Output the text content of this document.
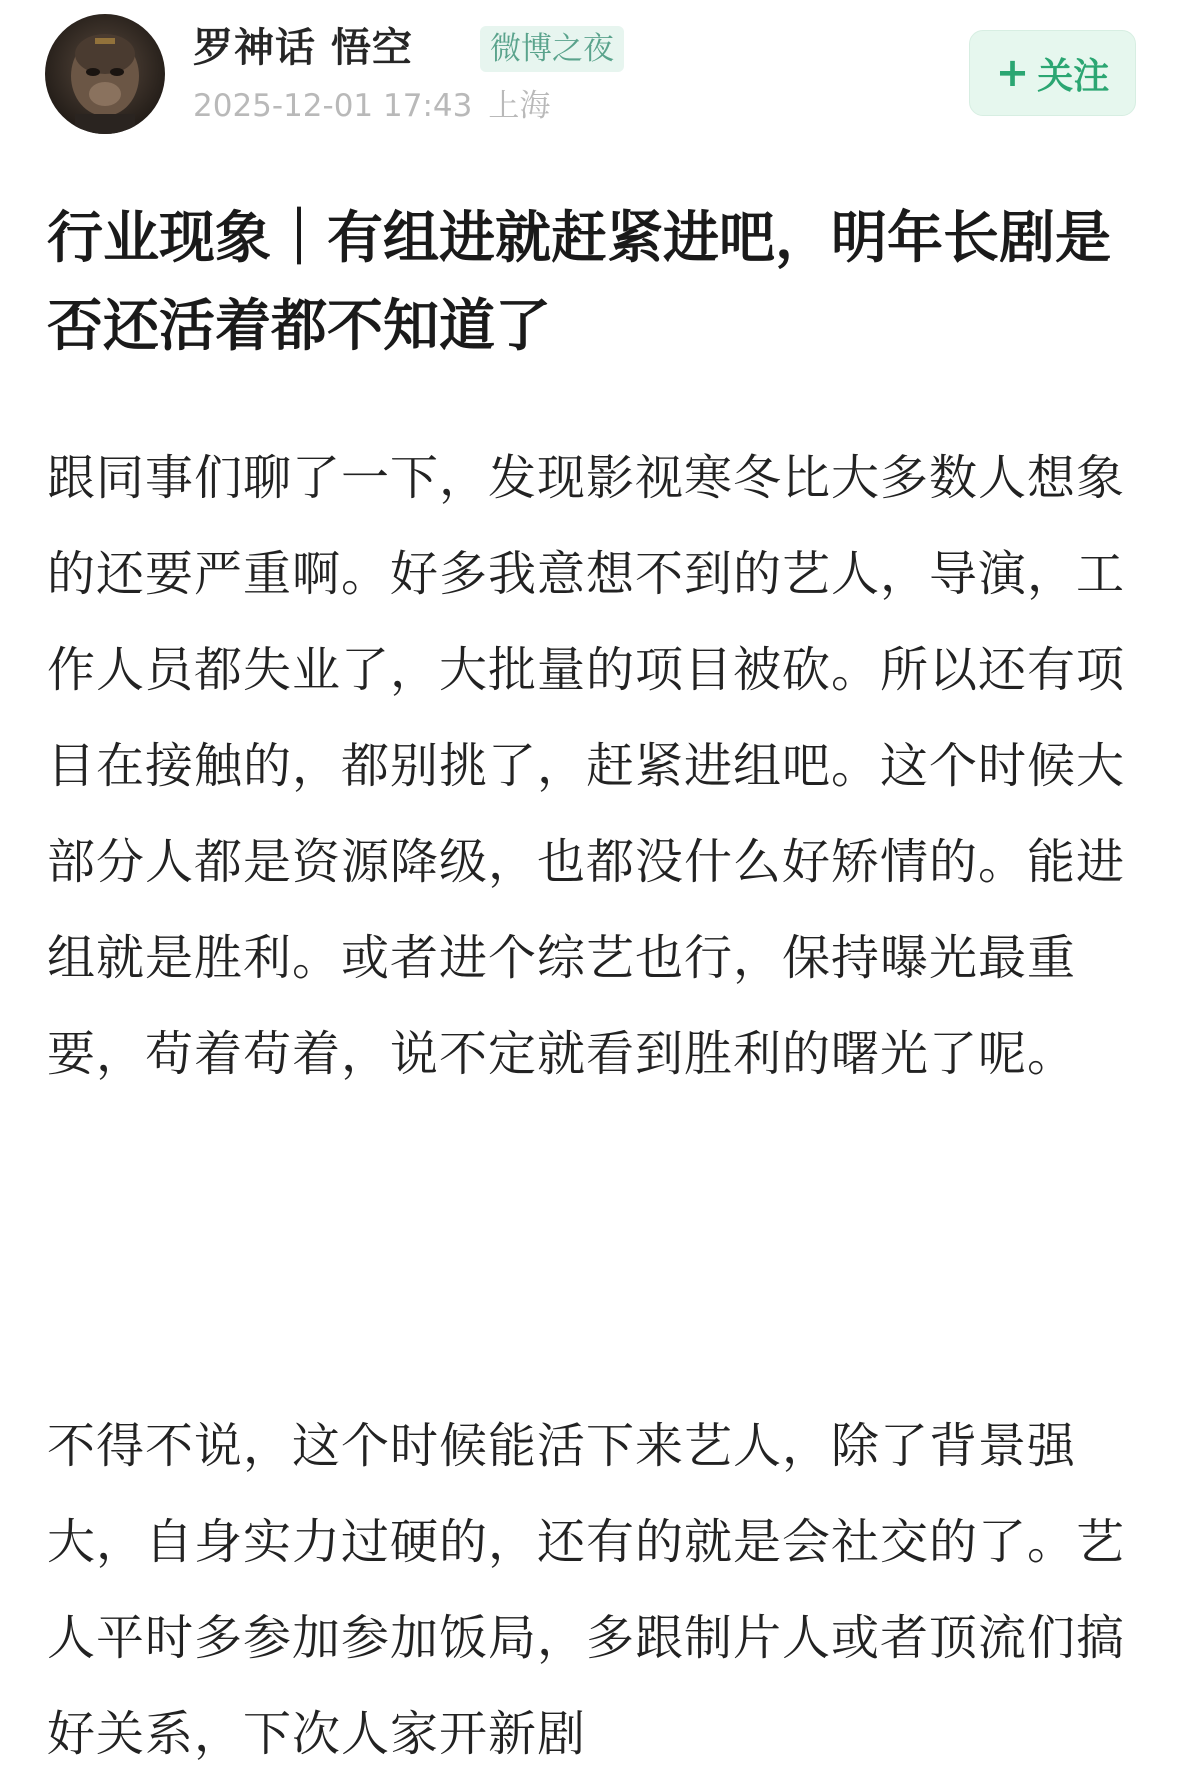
罗神话 悟空	微博之夜
2025-12-01 17:43 上海
+ 关注
行业现象｜有组进就赶紧进吧，明年长剧是否还活着都不知道了

跟同事们聊了一下，发现影视寒冬比大多数人想象的还要严重啊。好多我意想不到的艺人，导演，工作人员都失业了，大批量的项目被砍。所以还有项目在接触的，都别挑了，赶紧进组吧。这个时候大部分人都是资源降级，也都没什么好矫情的。能进组就是胜利。或者进个综艺也行，保持曝光最重要，苟着苟着，说不定就看到胜利的曙光了呢。

不得不说，这个时候能活下来艺人，除了背景强大，自身实力过硬的，还有的就是会社交的了。艺人平时多参加参加饭局，多跟制片人或者顶流们搞好关系，下次人家开新剧
